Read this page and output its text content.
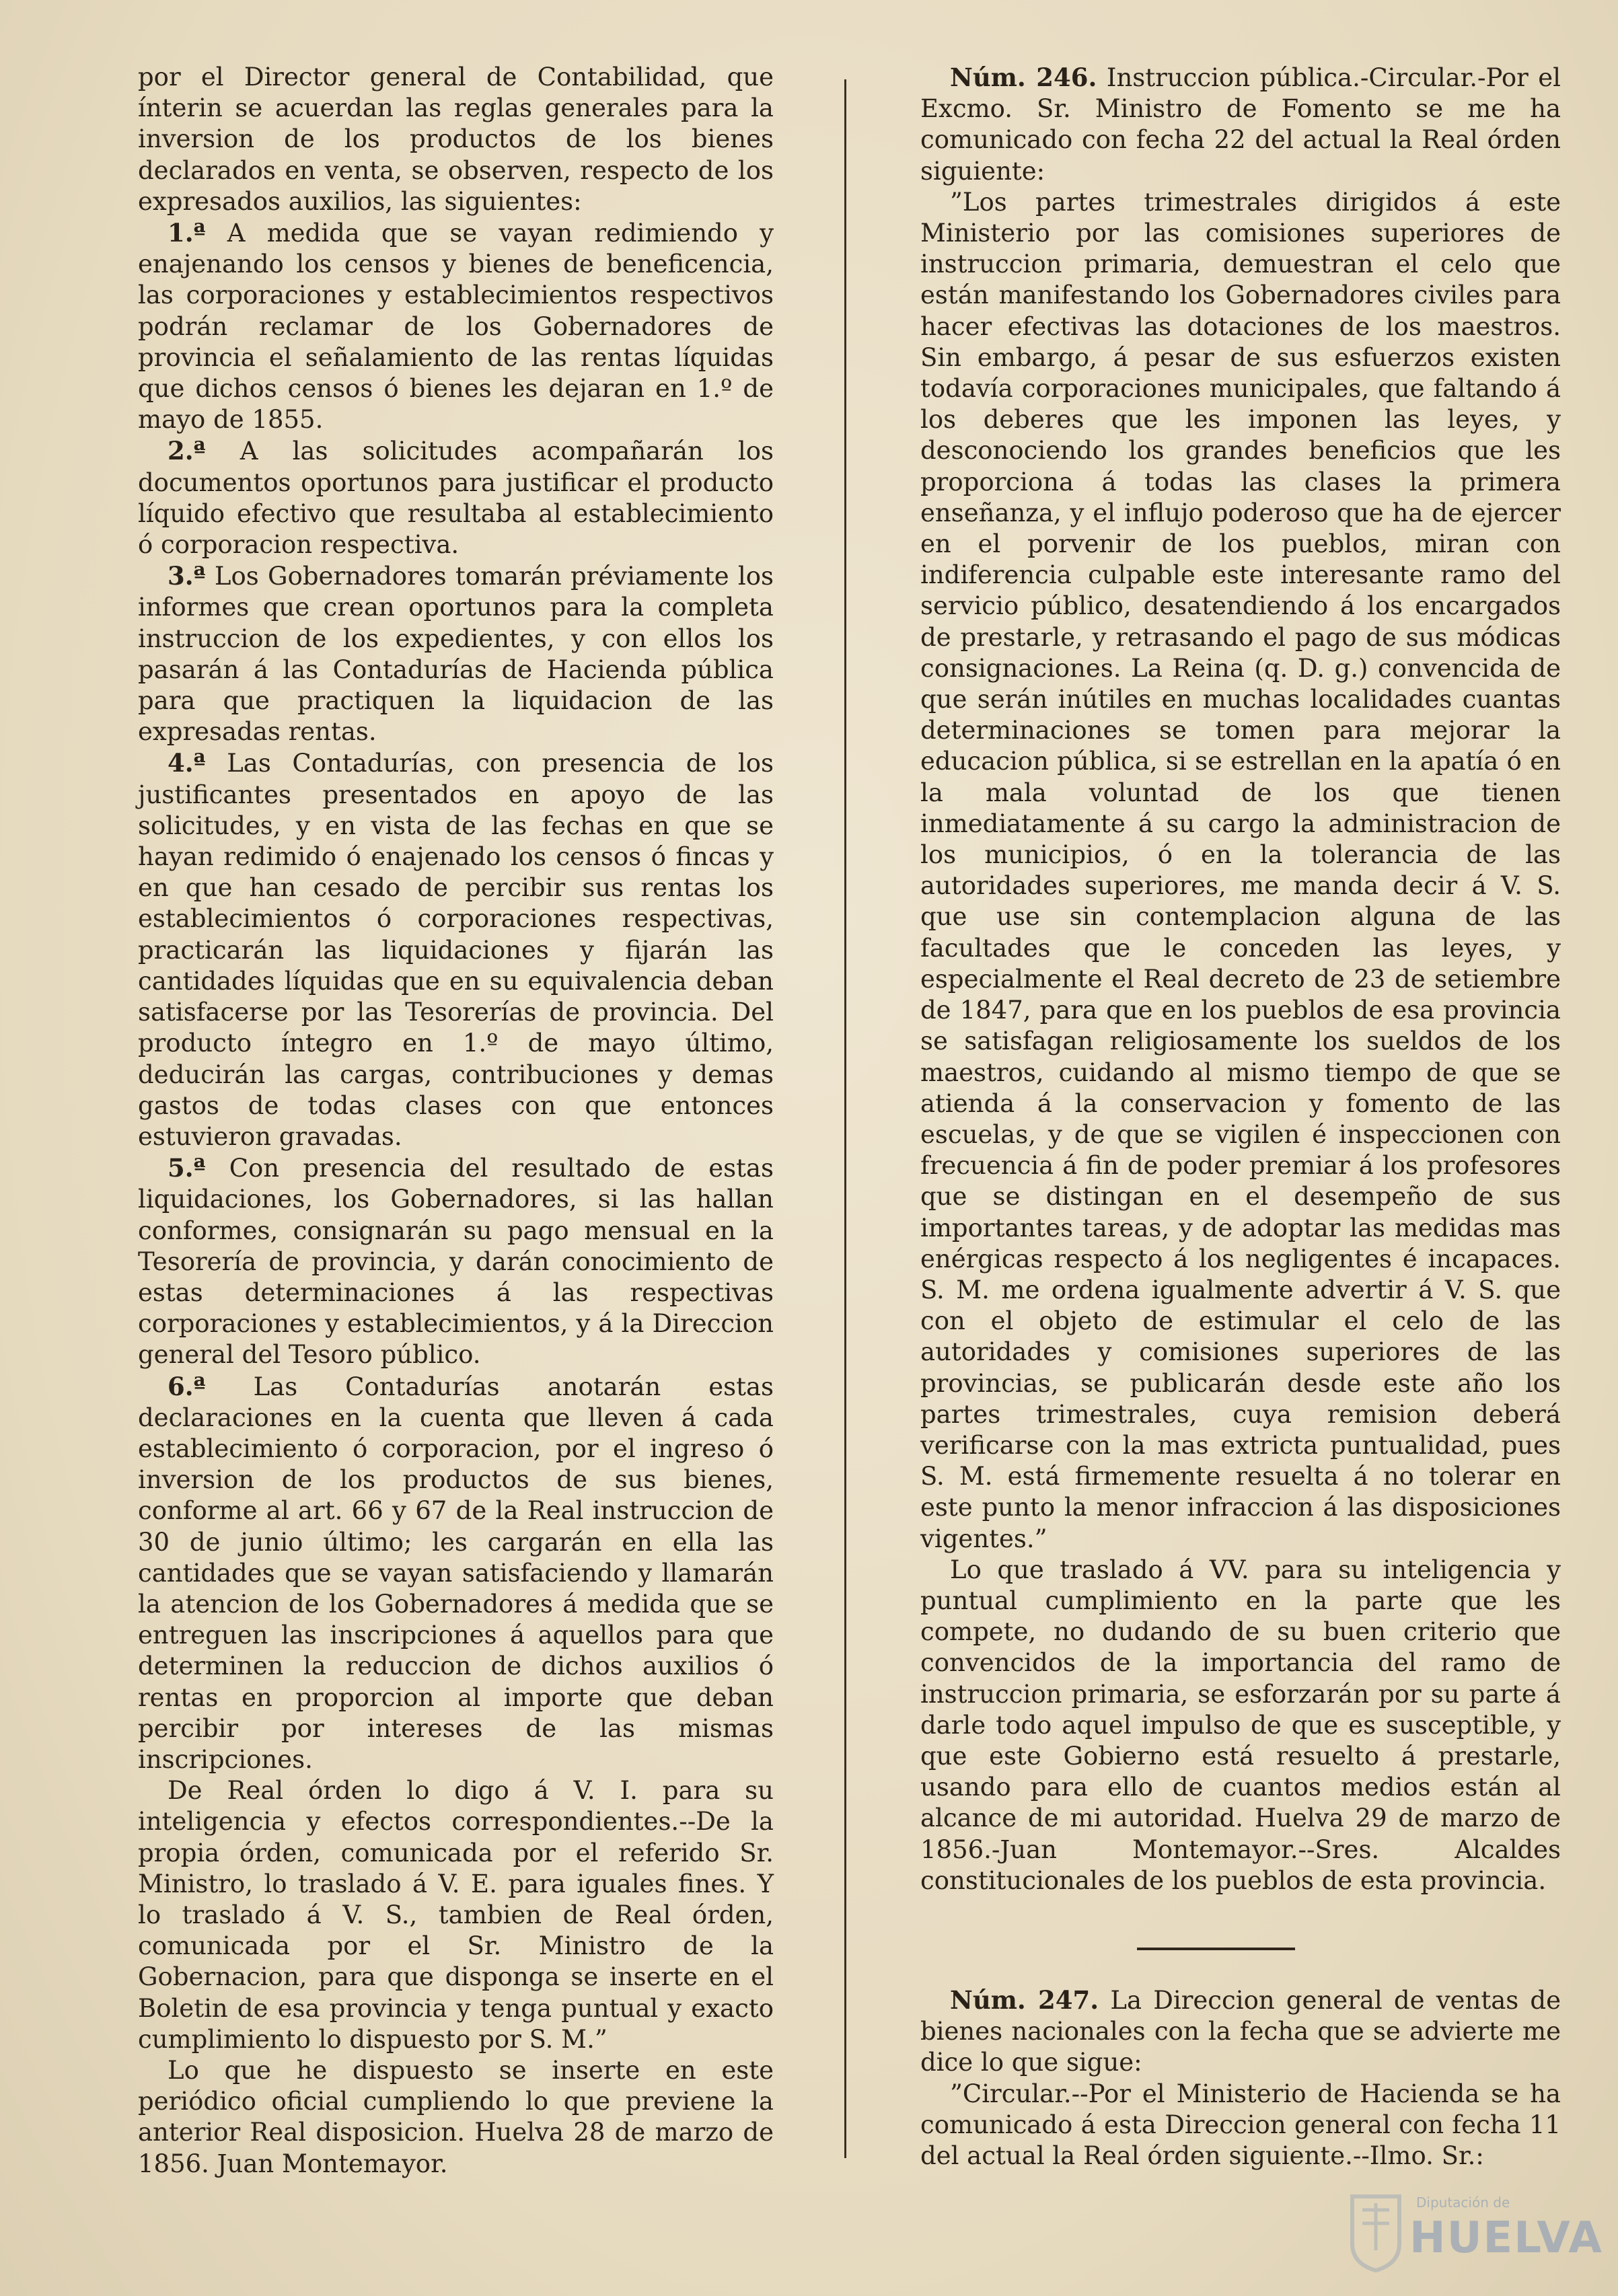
por el Director general de Contabilidad, que ínterin se acuerdan las reglas generales para la inversion de los productos de los bienes declarados en venta, se observen, respecto de los expresados auxilios, las siguientes:

1.ª A medida que se vayan redimiendo y enajenando los censos y bienes de beneficencia, las corporaciones y establecimientos respectivos podrán reclamar de los Gobernadores de provincia el señalamiento de las rentas líquidas que dichos censos ó bienes les dejaran en 1.º de mayo de 1855.

2.ª A las solicitudes acompañarán los documentos oportunos para justificar el producto líquido efectivo que resultaba al establecimiento ó corporacion respectiva.

3.ª Los Gobernadores tomarán préviamente los informes que crean oportunos para la completa instruccion de los expedientes, y con ellos los pasarán á las Contadurías de Hacienda pública para que practiquen la liquidacion de las expresadas rentas.

4.ª Las Contadurías, con presencia de los justificantes presentados en apoyo de las solicitudes, y en vista de las fechas en que se hayan redimido ó enajenado los censos ó fincas y en que han cesado de percibir sus rentas los establecimientos ó corporaciones respectivas, practicarán las liquidaciones y fijarán las cantidades líquidas que en su equivalencia deban satisfacerse por las Tesorerías de provincia. Del producto íntegro en 1.º de mayo último, deducirán las cargas, contribuciones y demas gastos de todas clases con que entonces estuvieron gravadas.

5.ª Con presencia del resultado de estas liquidaciones, los Gobernadores, si las hallan conformes, consignarán su pago mensual en la Tesorería de provincia, y darán conocimiento de estas determinaciones á las respectivas corporaciones y establecimientos, y á la Direccion general del Tesoro público.

6.ª Las Contadurías anotarán estas declaraciones en la cuenta que lleven á cada establecimiento ó corporacion, por el ingreso ó inversion de los productos de sus bienes, conforme al art. 66 y 67 de la Real instruccion de 30 de junio último; les cargarán en ella las cantidades que se vayan satisfaciendo y llamarán la atencion de los Gobernadores á medida que se entreguen las inscripciones á aquellos para que determinen la reduccion de dichos auxilios ó rentas en proporcion al importe que deban percibir por intereses de las mismas inscripciones.

De Real órden lo digo á V. I. para su inteligencia y efectos correspondientes.--De la propia órden, comunicada por el referido Sr. Ministro, lo traslado á V. E. para iguales fines. Y lo traslado á V. S., tambien de Real órden, comunicada por el Sr. Ministro de la Gobernacion, para que disponga se inserte en el Boletin de esa provincia y tenga puntual y exacto cumplimiento lo dispuesto por S. M.”

Lo que he dispuesto se inserte en este periódico oficial cumpliendo lo que previene la anterior Real disposicion. Huelva 28 de marzo de 1856. Juan Montemayor.

Núm. 246. Instruccion pública.-Circular.-Por el Excmo. Sr. Ministro de Fomento se me ha comunicado con fecha 22 del actual la Real órden siguiente:

”Los partes trimestrales dirigidos á este Ministerio por las comisiones superiores de instruccion primaria, demuestran el celo que están manifestando los Gobernadores civiles para hacer efectivas las dotaciones de los maestros. Sin embargo, á pesar de sus esfuerzos existen todavía corporaciones municipales, que faltando á los deberes que les imponen las leyes, y desconociendo los grandes beneficios que les proporciona á todas las clases la primera enseñanza, y el influjo poderoso que ha de ejercer en el porvenir de los pueblos, miran con indiferencia culpable este interesante ramo del servicio público, desatendiendo á los encargados de prestarle, y retrasando el pago de sus módicas consignaciones. La Reina (q. D. g.) convencida de que serán inútiles en muchas localidades cuantas determinaciones se tomen para mejorar la educacion pública, si se estrellan en la apatía ó en la mala voluntad de los que tienen inmediatamente á su cargo la administracion de los municipios, ó en la tolerancia de las autoridades superiores, me manda decir á V. S. que use sin contemplacion alguna de las facultades que le conceden las leyes, y especialmente el Real decreto de 23 de setiembre de 1847, para que en los pueblos de esa provincia se satisfagan religiosamente los sueldos de los maestros, cuidando al mismo tiempo de que se atienda á la conservacion y fomento de las escuelas, y de que se vigilen é inspeccionen con frecuencia á fin de poder premiar á los profesores que se distingan en el desempeño de sus importantes tareas, y de adoptar las medidas mas enérgicas respecto á los negligentes é incapaces. S. M. me ordena igualmente advertir á V. S. que con el objeto de estimular el celo de las autoridades y comisiones superiores de las provincias, se publicarán desde este año los partes trimestrales, cuya remision deberá verificarse con la mas extricta puntualidad, pues S. M. está firmemente resuelta á no tolerar en este punto la menor infraccion á las disposiciones vigentes.”

Lo que traslado á VV. para su inteligencia y puntual cumplimiento en la parte que les compete, no dudando de su buen criterio que convencidos de la importancia del ramo de instruccion primaria, se esforzarán por su parte á darle todo aquel impulso de que es susceptible, y que este Gobierno está resuelto á prestarle, usando para ello de cuantos medios están al alcance de mi autoridad. Huelva 29 de marzo de 1856.-Juan Montemayor.--Sres. Alcaldes constitucionales de los pueblos de esta provincia.

Núm. 247. La Direccion general de ventas de bienes nacionales con la fecha que se advierte me dice lo que sigue:

”Circular.--Por el Ministerio de Hacienda se ha comunicado á esta Direccion general con fecha 11 del actual la Real órden siguiente.--Ilmo. Sr.:

Diputación de
HUELVA
